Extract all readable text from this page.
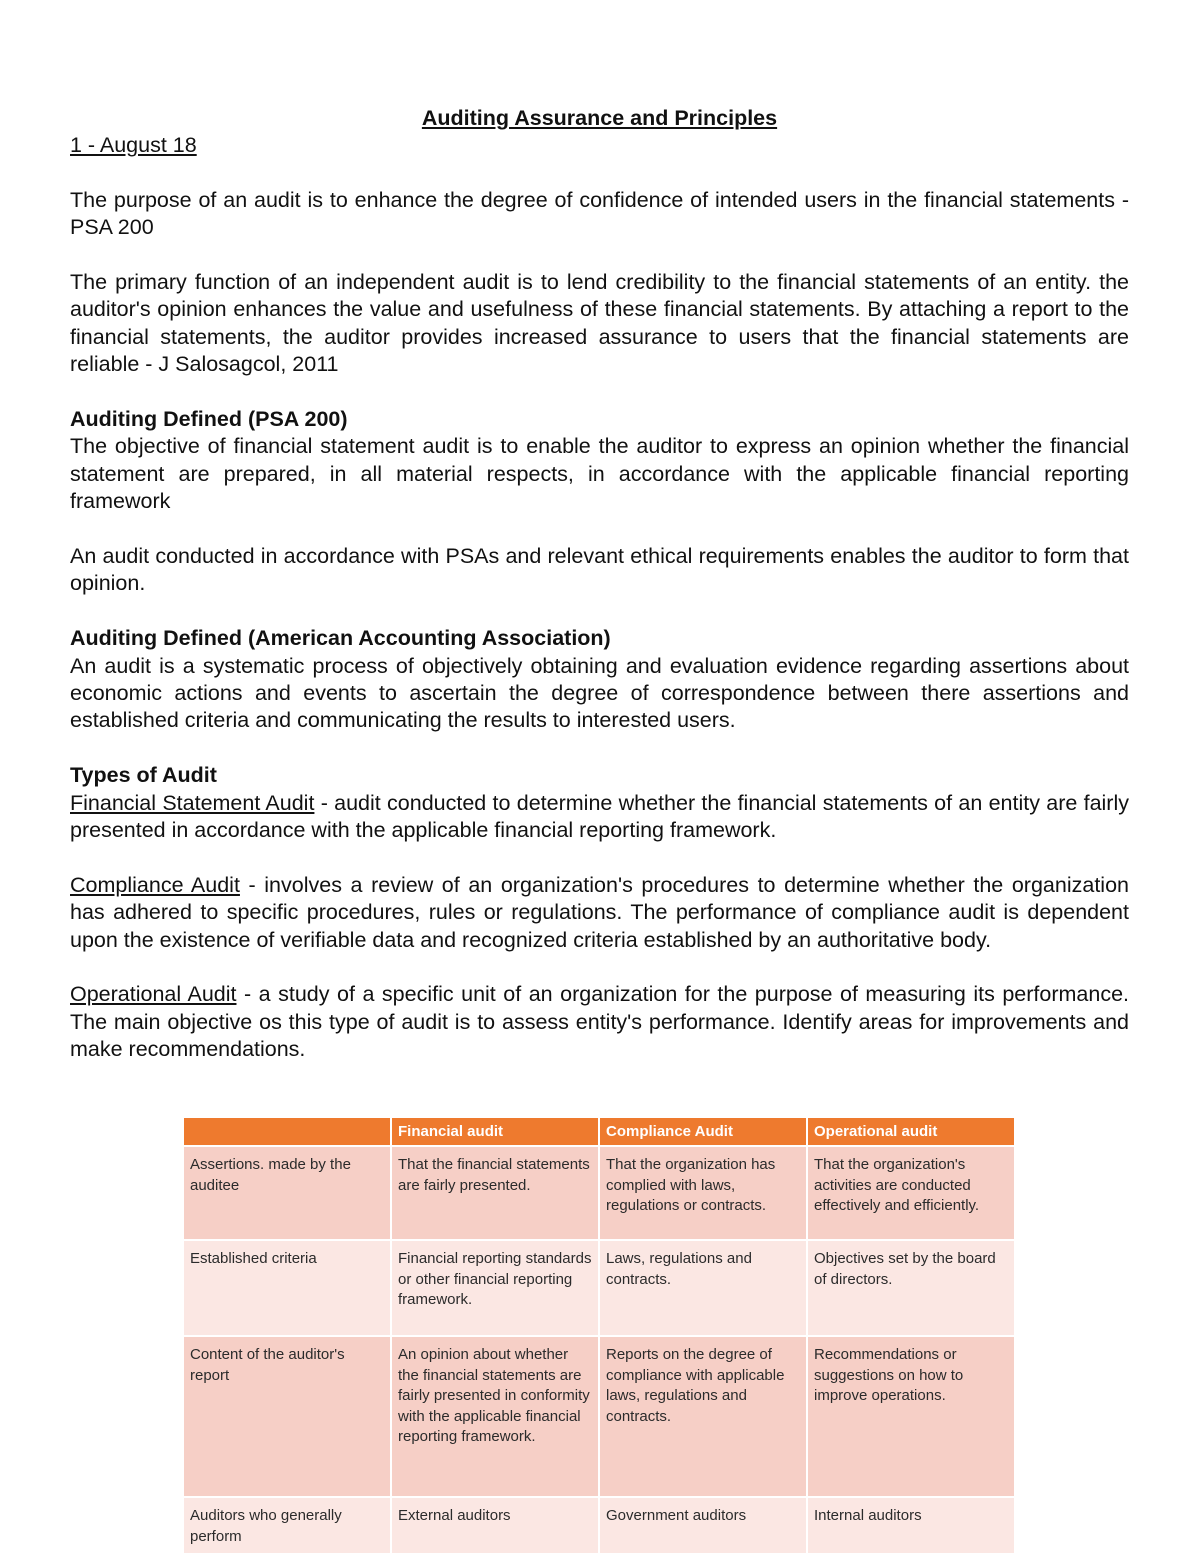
Auditing Assurance and Principles
1 - August 18

The purpose of an audit is to enhance the degree of confidence of intended users in the financial statements - PSA 200

The primary function of an independent audit is to lend credibility to the financial statements of an entity. the auditor's opinion enhances the value and usefulness of these financial statements. By attaching a report to the financial statements, the auditor provides increased assurance to users that the financial statements are reliable - J Salosagcol, 2011

Auditing Defined (PSA 200)

The objective of financial statement audit is to enable the auditor to express an opinion whether the financial statement are prepared, in all material respects, in accordance with the applicable financial reporting framework

An audit conducted in accordance with PSAs and relevant ethical requirements enables the auditor to form that opinion.

Auditing Defined (American Accounting Association)

An audit is a systematic process of objectively obtaining and evaluation evidence regarding assertions about economic actions and events to ascertain the degree of correspondence between there assertions and established criteria and communicating the results to interested users.

Types of Audit

Financial Statement Audit - audit conducted to determine whether the financial statements of an entity are fairly presented in accordance with the applicable financial reporting framework.

Compliance Audit - involves a review of an organization's procedures to determine whether the organization has adhered to specific procedures, rules or regulations. The performance of compliance audit is dependent upon the existence of verifiable data and recognized criteria established by an authoritative body.

Operational Audit - a study of a specific unit of an organization for the purpose of measuring its performance. The main objective os this type of audit is to assess entity's performance. Identify areas for improvements and make recommendations.

	Financial audit	Compliance Audit	Operational audit
Assertions. made by the auditee	That the financial statements are fairly presented.	That the organization has complied with laws, regulations or contracts.	That the organization's activities are conducted effectively and efficiently.
Established criteria	Financial reporting standards or other financial reporting framework.	Laws, regulations and contracts.	Objectives set by the board of directors.
Content of the auditor's report	An opinion about whether the financial statements are fairly presented in conformity with the applicable financial reporting framework.	Reports on the degree of compliance with applicable laws, regulations and contracts.	Recommendations or suggestions on how to improve operations.
Auditors who generally perform	External auditors	Government auditors	Internal auditors
